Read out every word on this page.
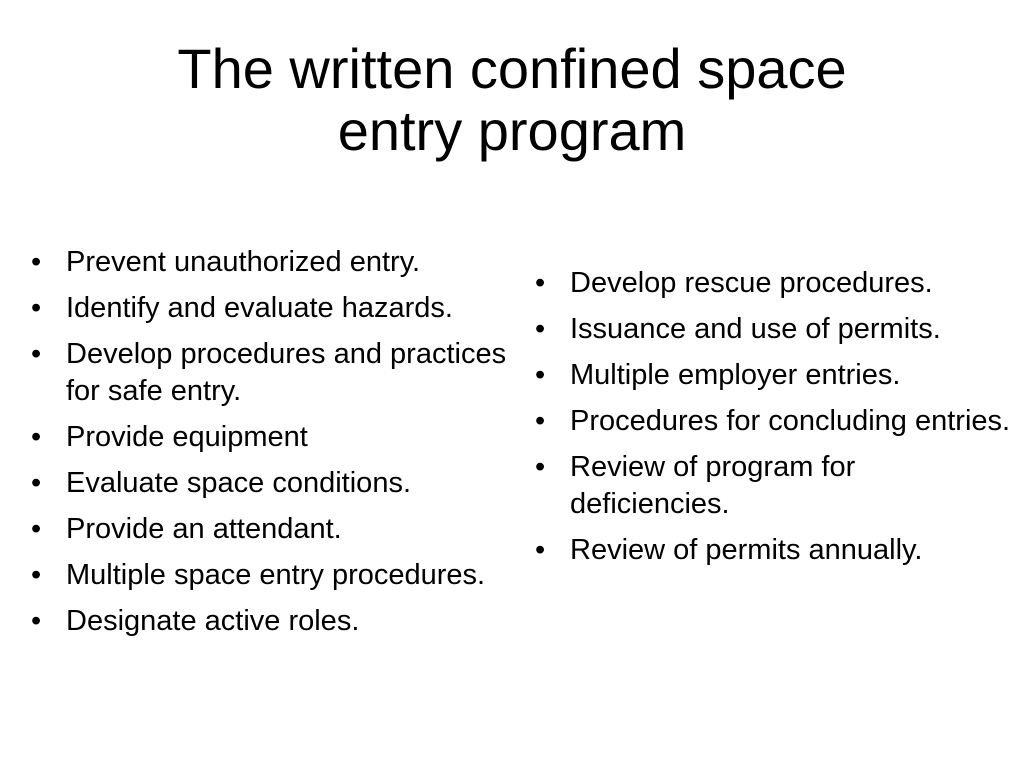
The written confined space
entry program
• Prevent unauthorized entry.
• Identify and evaluate hazards.
• Develop procedures and practices for safe entry.
• Provide equipment
• Evaluate space conditions.
• Provide an attendant.
• Multiple space entry procedures.
• Designate active roles.
• Develop rescue procedures.
• Issuance and use of permits.
• Multiple employer entries.
• Procedures for concluding entries.
• Review of program for deficiencies.
• Review of permits annually.
